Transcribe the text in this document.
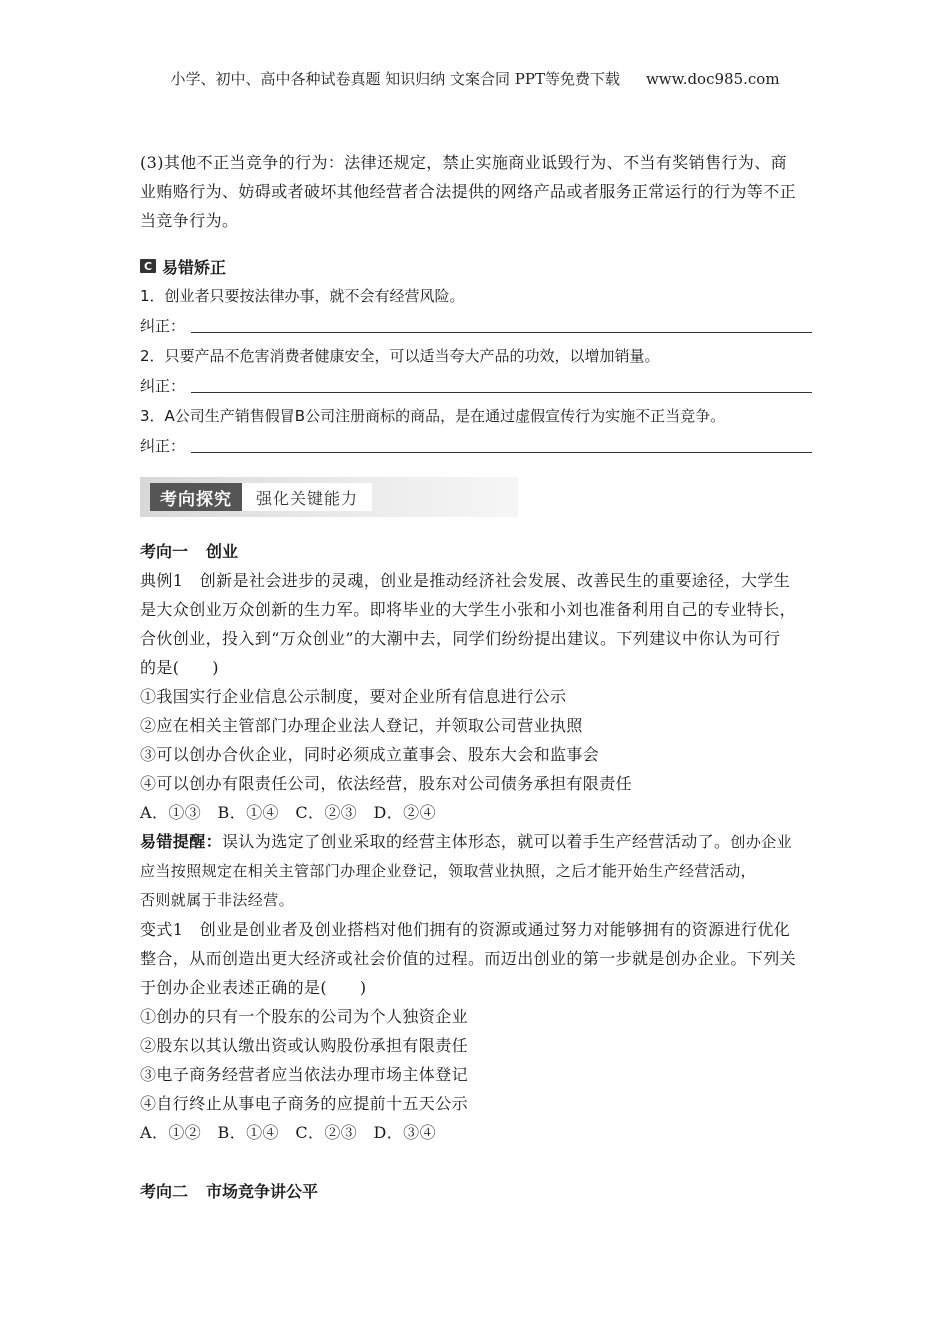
小学、初中、高中各种试卷真题 知识归纳 文案合同 PPT等免费下载 www.doc985.com

(3)其他不正当竞争的行为：法律还规定，禁止实施商业诋毁行为、不当有奖销售行为、商

业贿赂行为、妨碍或者破坏其他经营者合法提供的网络产品或者服务正常运行的行为等不正

当竞争行为。

C 易错矫正

1．创业者只要按法律办事，就不会有经营风险。

纠正：

2．只要产品不危害消费者健康安全，可以适当夸大产品的功效，以增加销量。

纠正：

3．A公司生产销售假冒B公司注册商标的商品，是在通过虚假宣传行为实施不正当竞争。

纠正：
考向探究	强化关键能力
考向一 创业

典例1　创新是社会进步的灵魂，创业是推动经济社会发展、改善民生的重要途径，大学生

是大众创业万众创新的生力军。即将毕业的大学生小张和小刘也准备利用自己的专业特长，

合伙创业，投入到“万众创业”的大潮中去，同学们纷纷提出建议。下列建议中你认为可行

的是(　　)

①我国实行企业信息公示制度，要对企业所有信息进行公示

②应在相关主管部门办理企业法人登记，并领取公司营业执照

③可以创办合伙企业，同时必须成立董事会、股东大会和监事会

④可以创办有限责任公司，依法经营，股东对公司债务承担有限责任

A．①③　B．①④　C．②③　D．②④

易错提醒：误认为选定了创业采取的经营主体形态，就可以着手生产经营活动了。创办企业

应当按照规定在相关主管部门办理企业登记，领取营业执照，之后才能开始生产经营活动，

否则就属于非法经营。

变式1　创业是创业者及创业搭档对他们拥有的资源或通过努力对能够拥有的资源进行优化

整合，从而创造出更大经济或社会价值的过程。而迈出创业的第一步就是创办企业。下列关

于创办企业表述正确的是(　　)

①创办的只有一个股东的公司为个人独资企业

②股东以其认缴出资或认购股份承担有限责任

③电子商务经营者应当依法办理市场主体登记

④自行终止从事电子商务的应提前十五天公示

A．①②　B．①④　C．②③　D．③④

考向二 市场竞争讲公平
